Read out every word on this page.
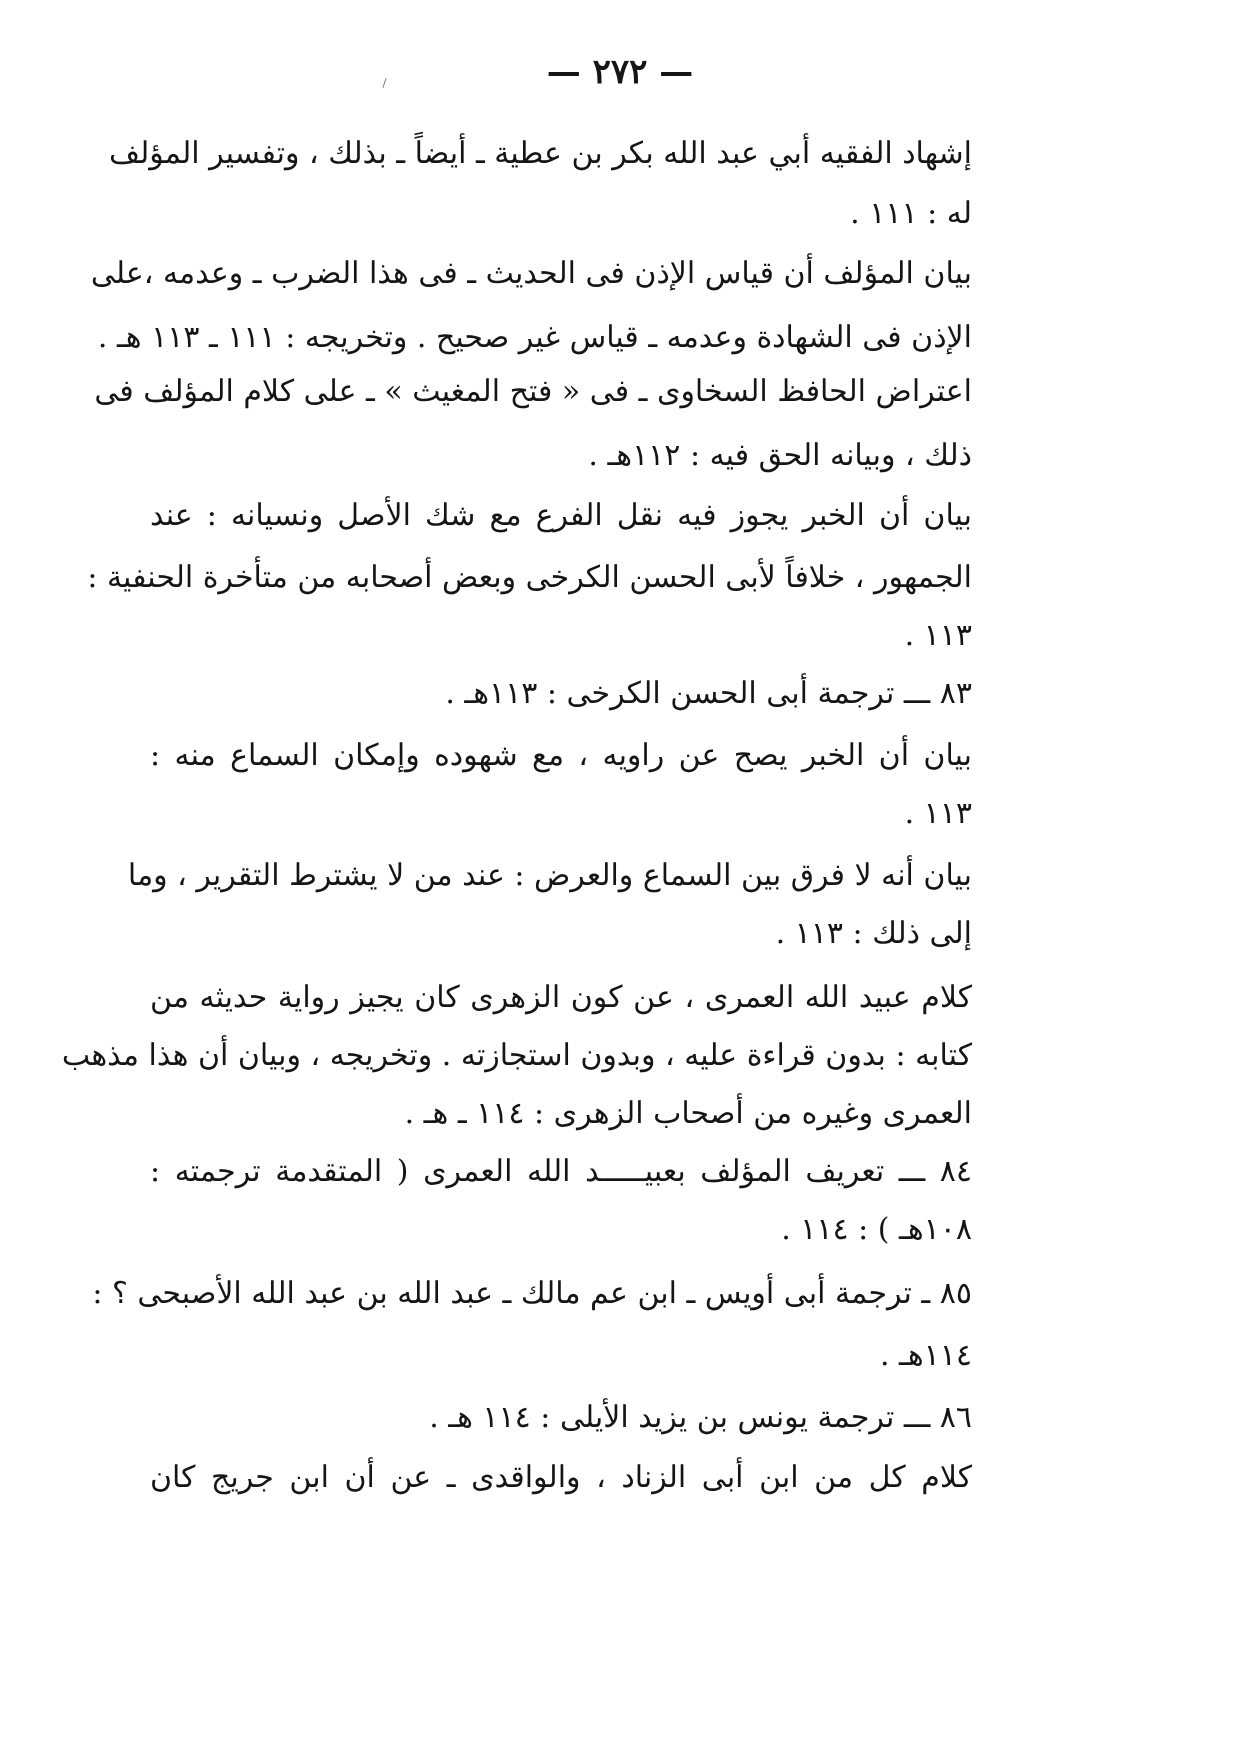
— ٢٧٢ —
إشهاد الفقيه أبي عبد الله بكر بن عطية ـ أيضاً ـ بذلك ، وتفسير المؤلف
له : ١١١ .
بيان المؤلف أن قياس الإذن فى الحديث ـ فى هذا الضرب ـ وعدمه ،على
الإذن فى الشهادة وعدمه ـ قياس غير صحيح . وتخريجه : ١١١ ـ ١١٣ هـ .
اعتراض الحافظ السخاوى ـ فى « فتح المغيث » ـ على كلام المؤلف فى
ذلك ، وبيانه الحق فيه : ١١٢هـ .
بيان أن الخبر يجوز فيه نقل الفرع مع شك الأصل ونسيانه : عند
الجمهور ، خلافاً لأبى الحسن الكرخى وبعض أصحابه من متأخرة الحنفية :
١١٣ .
٨٣ ـــ ترجمة أبى الحسن الكرخى : ١١٣هـ .
بيان أن الخبر يصح عن راويه ، مع شهوده وإمكان السماع منه :
١١٣ .
بيان أنه لا فرق بين السماع والعرض : عند من لا يشترط التقرير ، وما
إلى ذلك : ١١٣ .
كلام عبيد الله العمرى ، عن كون الزهرى كان يجيز رواية حديثه من
كتابه : بدون قراءة عليه ، وبدون استجازته . وتخريجه ، وبيان أن هذا مذهب
العمرى وغيره من أصحاب الزهرى : ١١٤ ـ هـ .
٨٤ ـــ تعريف المؤلف بعبيـــــد الله العمرى ( المتقدمة ترجمته :
١٠٨هـ ) : ١١٤ .
٨٥ ـ ترجمة أبى أويس ـ ابن عم مالك ـ عبد الله بن عبد الله الأصبحى ؟ :
١١٤هـ .
٨٦ ـــ ترجمة يونس بن يزيد الأيلى : ١١٤ هـ .
كلام كل من ابن أبى الزناد ، والواقدى ـ عن أن ابن جريج كان
